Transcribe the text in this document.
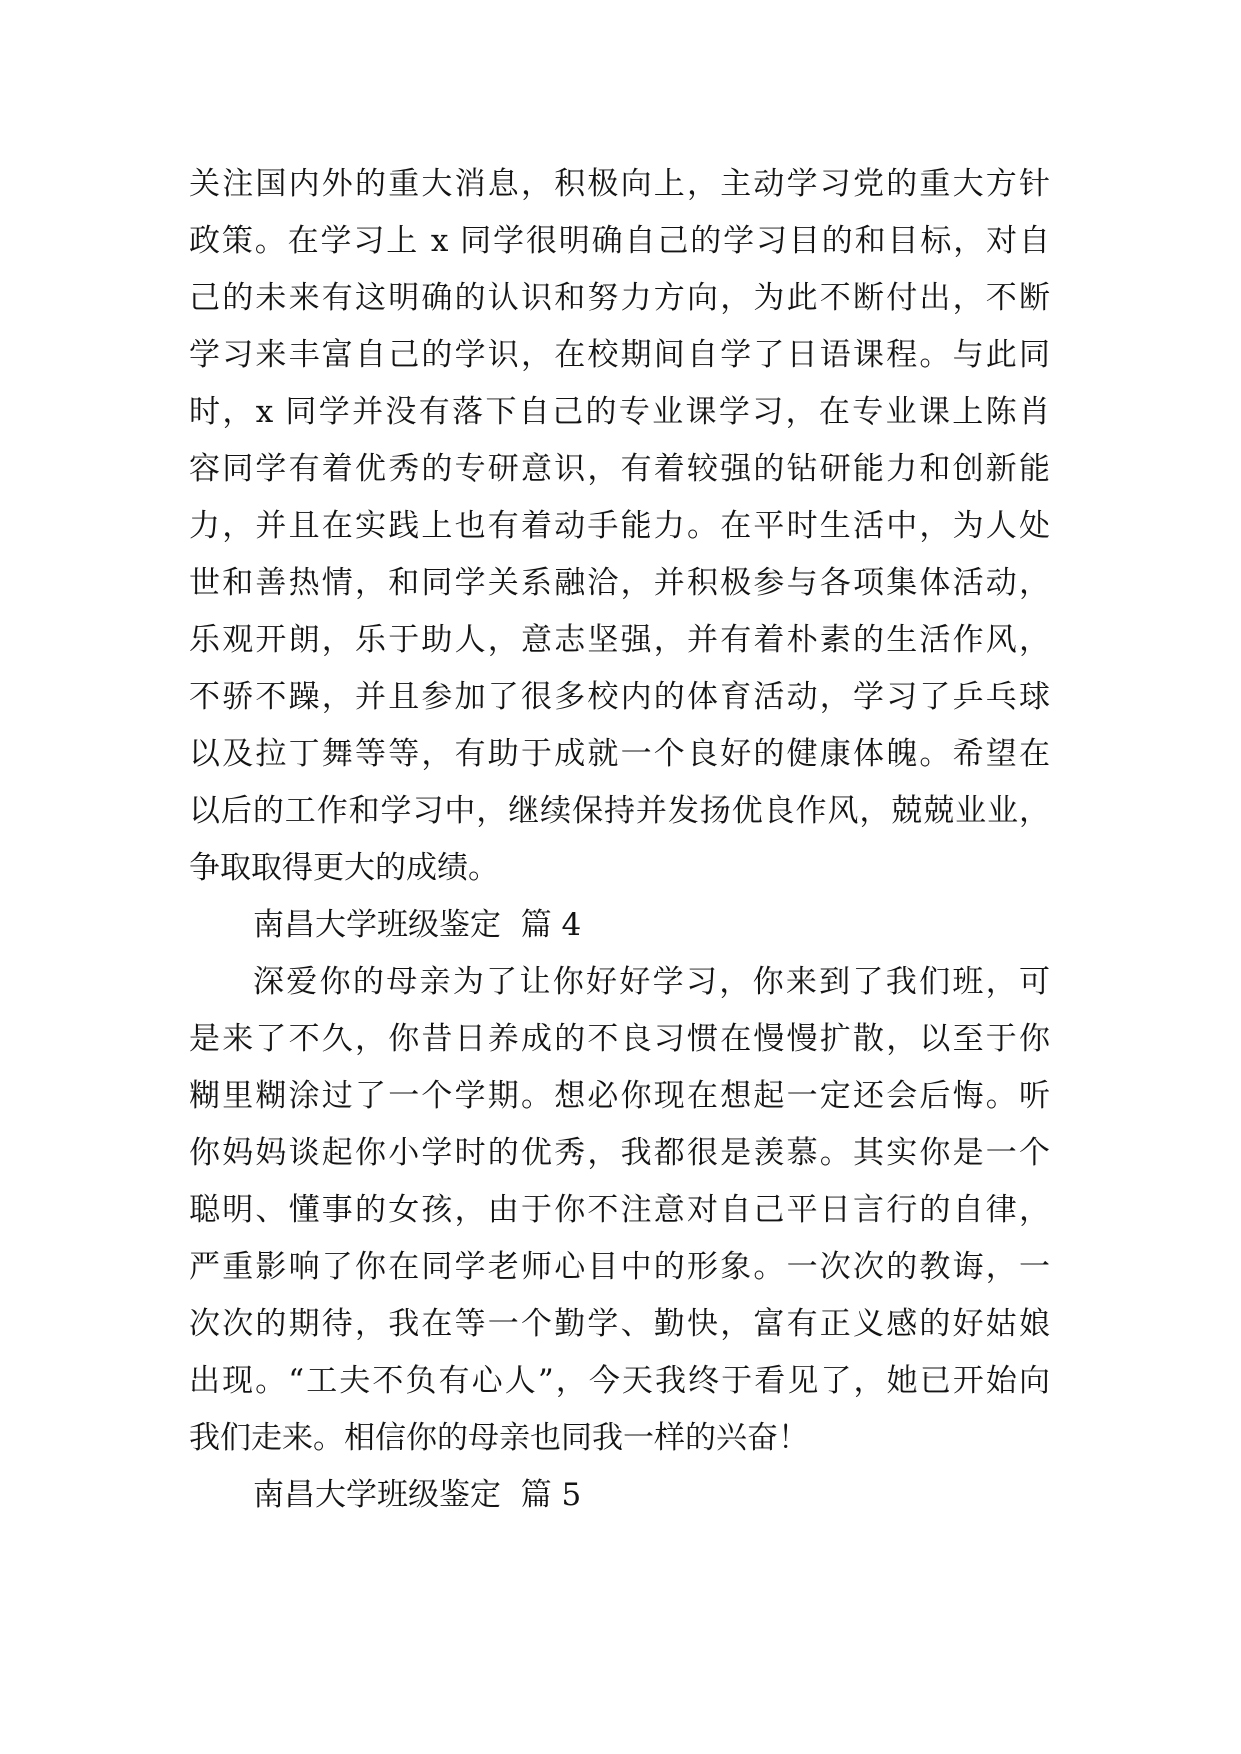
关注国内外的重大消息，积极向上，主动学习党的重大方针
政策。在学习上 x 同学很明确自己的学习目的和目标，对自
己的未来有这明确的认识和努力方向，为此不断付出，不断
学习来丰富自己的学识，在校期间自学了日语课程。与此同
时，x 同学并没有落下自己的专业课学习，在专业课上陈肖
容同学有着优秀的专研意识，有着较强的钻研能力和创新能
力，并且在实践上也有着动手能力。在平时生活中，为人处
世和善热情，和同学关系融洽，并积极参与各项集体活动，
乐观开朗，乐于助人，意志坚强，并有着朴素的生活作风，
不骄不躁，并且参加了很多校内的体育活动，学习了乒乓球
以及拉丁舞等等，有助于成就一个良好的健康体魄。希望在
以后的工作和学习中，继续保持并发扬优良作风，兢兢业业，
争取取得更大的成绩。
南昌大学班级鉴定  篇 4
深爱你的母亲为了让你好好学习，你来到了我们班，可
是来了不久，你昔日养成的不良习惯在慢慢扩散，以至于你
糊里糊涂过了一个学期。想必你现在想起一定还会后悔。听
你妈妈谈起你小学时的优秀，我都很是羡慕。其实你是一个
聪明、懂事的女孩，由于你不注意对自己平日言行的自律，
严重影响了你在同学老师心目中的形象。一次次的教诲，一
次次的期待，我在等一个勤学、勤快，富有正义感的好姑娘
出现。“工夫不负有心人”，今天我终于看见了，她已开始向
我们走来。相信你的母亲也同我一样的兴奋！
南昌大学班级鉴定  篇 5
